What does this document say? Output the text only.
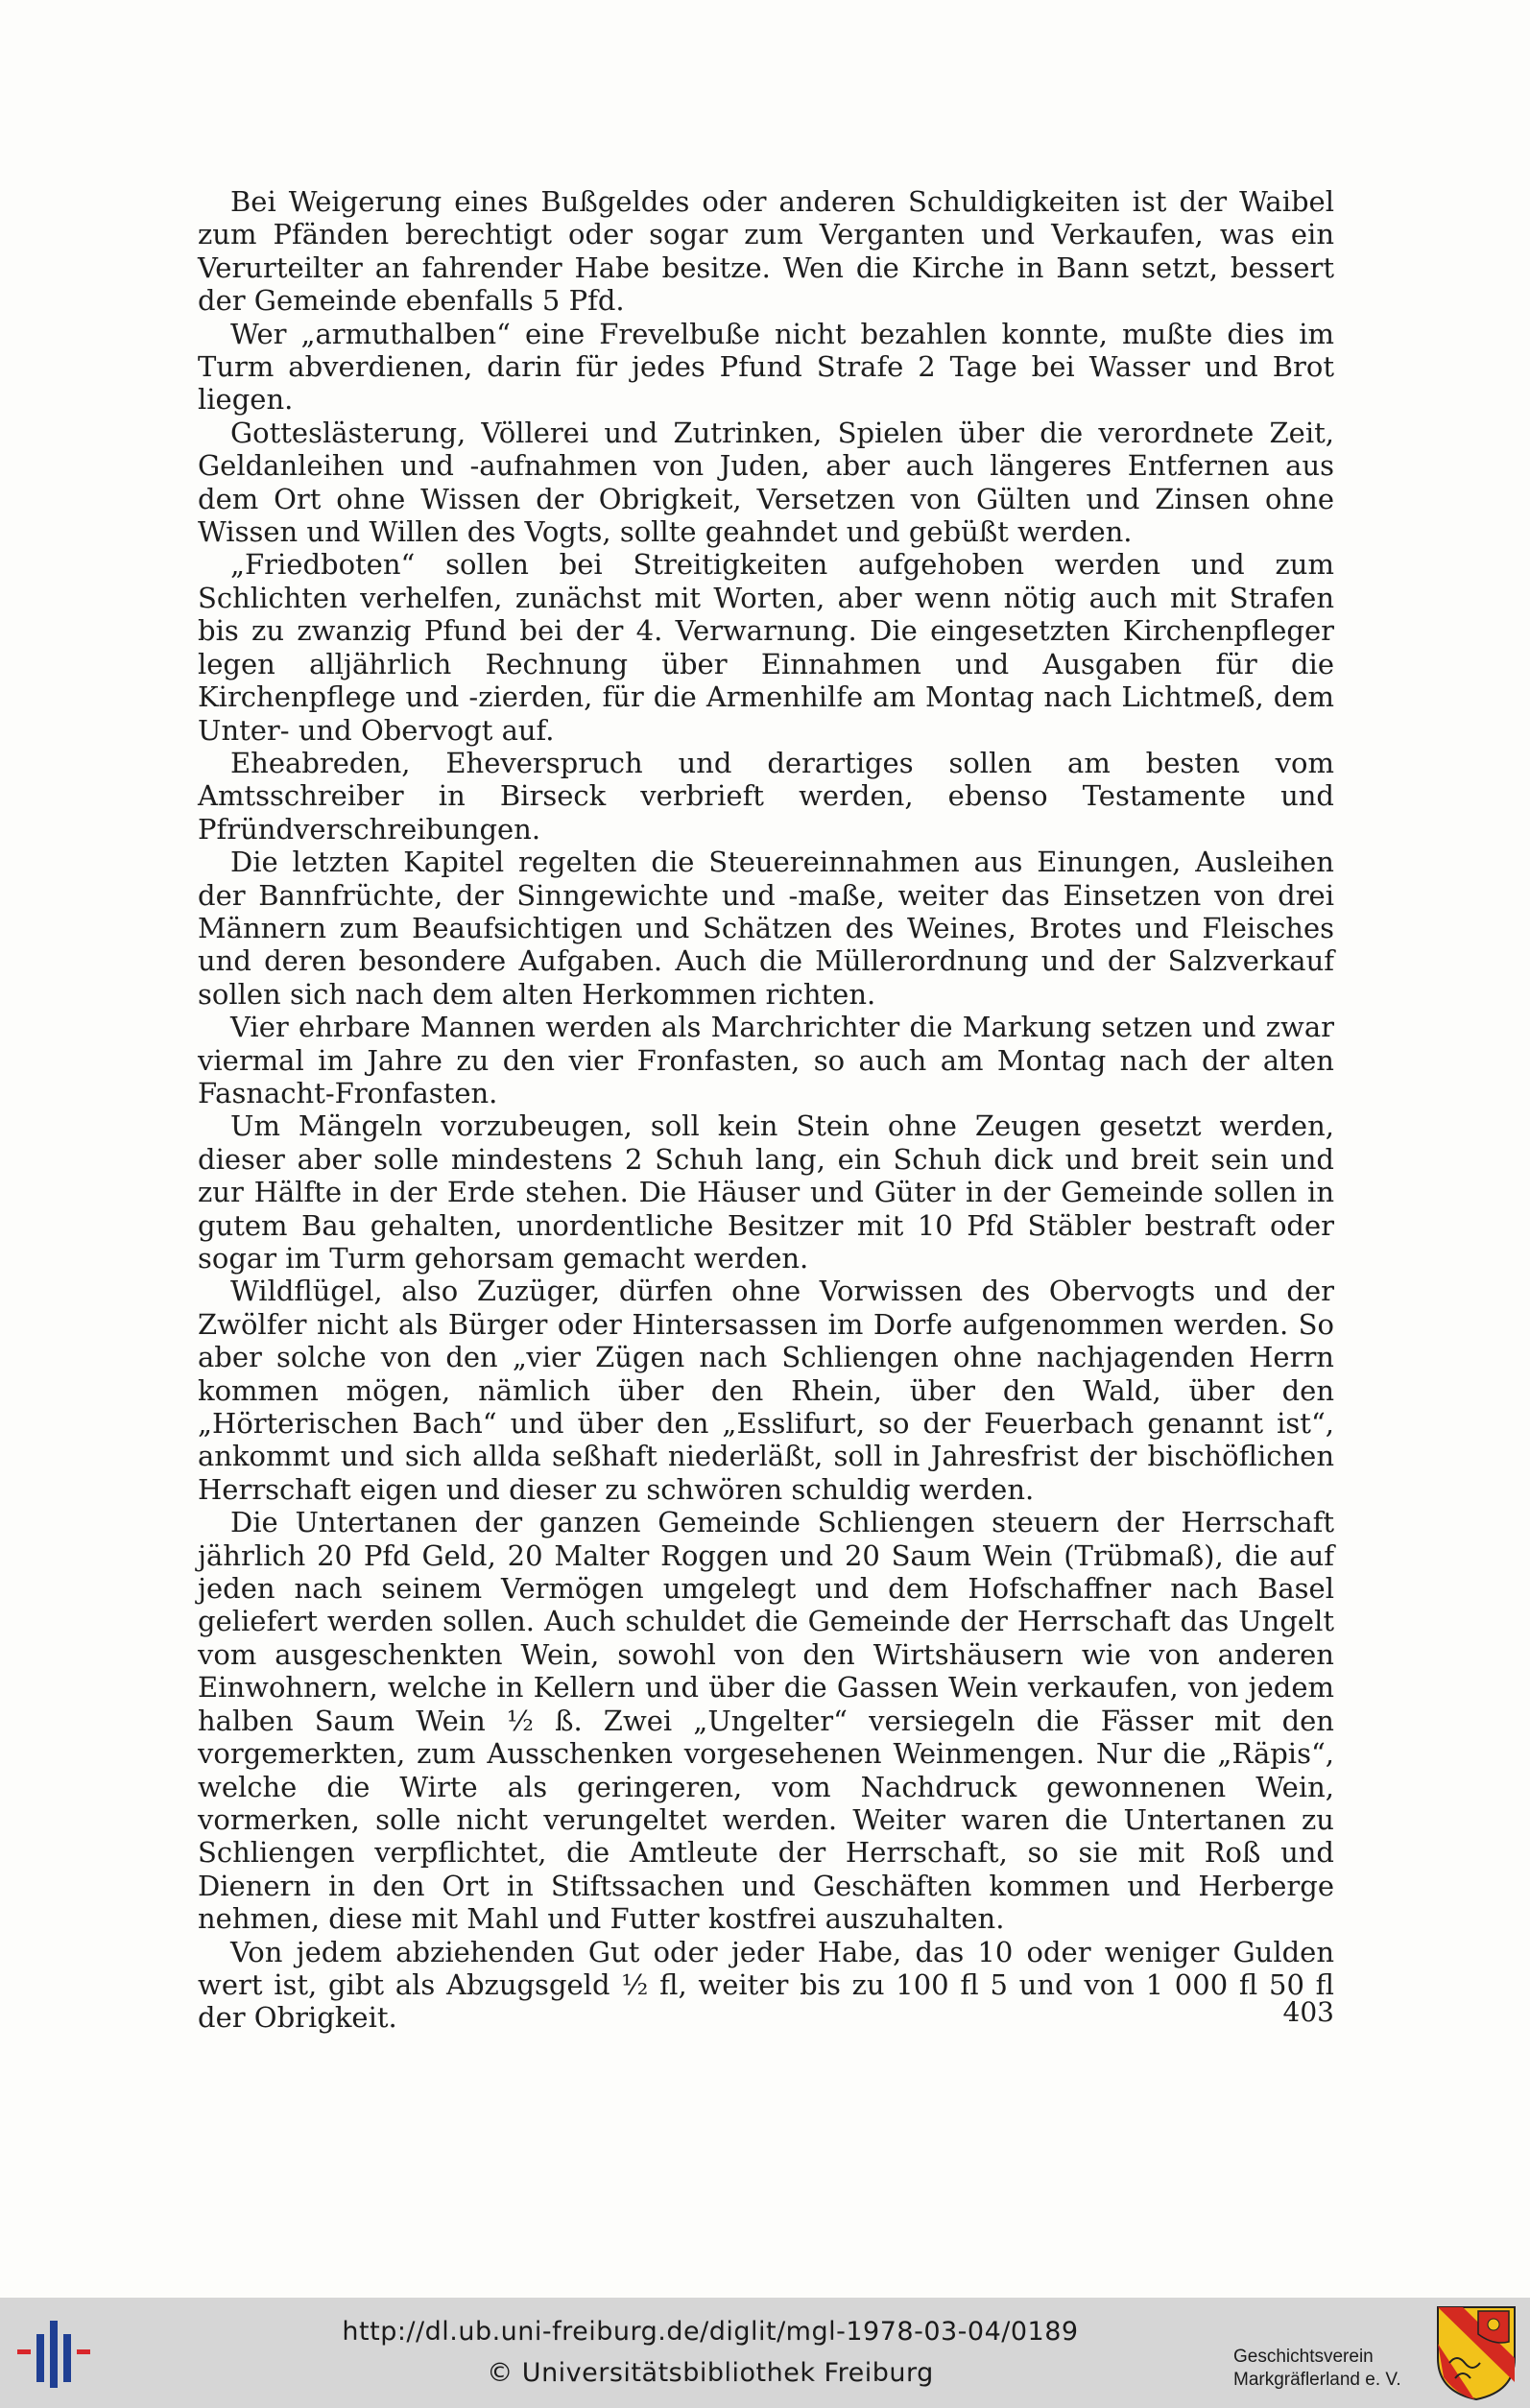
Bei Weigerung eines Bußgeldes oder anderen Schuldigkeiten ist der Waibel zum Pfänden berechtigt oder sogar zum Verganten und Verkaufen, was ein Verurteilter an fahrender Habe besitze. Wen die Kirche in Bann setzt, bessert der Gemeinde ebenfalls 5 Pfd.

Wer „armuthalben“ eine Frevelbuße nicht bezahlen konnte, mußte dies im Turm abverdienen, darin für jedes Pfund Strafe 2 Tage bei Wasser und Brot liegen.

Gotteslästerung, Völlerei und Zutrinken, Spielen über die verordnete Zeit, Geldanleihen und -aufnahmen von Juden, aber auch längeres Entfernen aus dem Ort ohne Wissen der Obrigkeit, Versetzen von Gülten und Zinsen ohne Wissen und Willen des Vogts, sollte geahndet und gebüßt werden.

„Friedboten“ sollen bei Streitigkeiten aufgehoben werden und zum Schlichten verhelfen, zunächst mit Worten, aber wenn nötig auch mit Strafen bis zu zwanzig Pfund bei der 4. Verwarnung. Die eingesetzten Kirchenpfleger legen alljährlich Rechnung über Einnahmen und Ausgaben für die Kirchenpflege und -zierden, für die Armenhilfe am Montag nach Lichtmeß, dem Unter- und Obervogt auf.

Eheabreden, Eheverspruch und derartiges sollen am besten vom Amtsschreiber in Birseck verbrieft werden, ebenso Testamente und Pfründverschreibungen.

Die letzten Kapitel regelten die Steuereinnahmen aus Einungen, Ausleihen der Bannfrüchte, der Sinngewichte und -maße, weiter das Einsetzen von drei Männern zum Beaufsichtigen und Schätzen des Weines, Brotes und Fleisches und deren besondere Aufgaben. Auch die Müllerordnung und der Salzverkauf sollen sich nach dem alten Herkommen richten.

Vier ehrbare Mannen werden als Marchrichter die Markung setzen und zwar viermal im Jahre zu den vier Fronfasten, so auch am Montag nach der alten Fasnacht-Fronfasten.

Um Mängeln vorzubeugen, soll kein Stein ohne Zeugen gesetzt werden, dieser aber solle mindestens 2 Schuh lang, ein Schuh dick und breit sein und zur Hälfte in der Erde stehen. Die Häuser und Güter in der Gemeinde sollen in gutem Bau gehalten, unordentliche Besitzer mit 10 Pfd Stäbler bestraft oder sogar im Turm gehorsam gemacht werden.

Wildflügel, also Zuzüger, dürfen ohne Vorwissen des Obervogts und der Zwölfer nicht als Bürger oder Hintersassen im Dorfe aufgenommen werden. So aber solche von den „vier Zügen nach Schliengen ohne nachjagenden Herrn kommen mögen, nämlich über den Rhein, über den Wald, über den „Hörterischen Bach“ und über den „Esslifurt, so der Feuerbach genannt ist“, ankommt und sich allda seßhaft niederläßt, soll in Jahresfrist der bischöflichen Herrschaft eigen und dieser zu schwören schuldig werden.

Die Untertanen der ganzen Gemeinde Schliengen steuern der Herrschaft jährlich 20 Pfd Geld, 20 Malter Roggen und 20 Saum Wein (Trübmaß), die auf jeden nach seinem Vermögen umgelegt und dem Hofschaffner nach Basel geliefert werden sollen. Auch schuldet die Gemeinde der Herrschaft das Ungelt vom ausgeschenkten Wein, sowohl von den Wirtshäusern wie von anderen Einwohnern, welche in Kellern und über die Gassen Wein verkaufen, von jedem halben Saum Wein ½ ß. Zwei „Ungelter“ versiegeln die Fässer mit den vorgemerkten, zum Ausschenken vorgesehenen Weinmengen. Nur die „Räpis“, welche die Wirte als geringeren, vom Nachdruck gewonnenen Wein, vormerken, solle nicht verungeltet werden. Weiter waren die Untertanen zu Schliengen verpflichtet, die Amtleute der Herrschaft, so sie mit Roß und Dienern in den Ort in Stiftssachen und Geschäften kommen und Herberge nehmen, diese mit Mahl und Futter kostfrei auszuhalten.

Von jedem abziehenden Gut oder jeder Habe, das 10 oder weniger Gulden wert ist, gibt als Abzugsgeld ½ fl, weiter bis zu 100 fl 5 und von 1 000 fl 50 fl der Obrigkeit.	403
http://dl.ub.uni-freiburg.de/diglit/mgl-1978-03-04/0189
© Universitätsbibliothek Freiburg
Geschichtsverein
Markgräflerland e. V.
